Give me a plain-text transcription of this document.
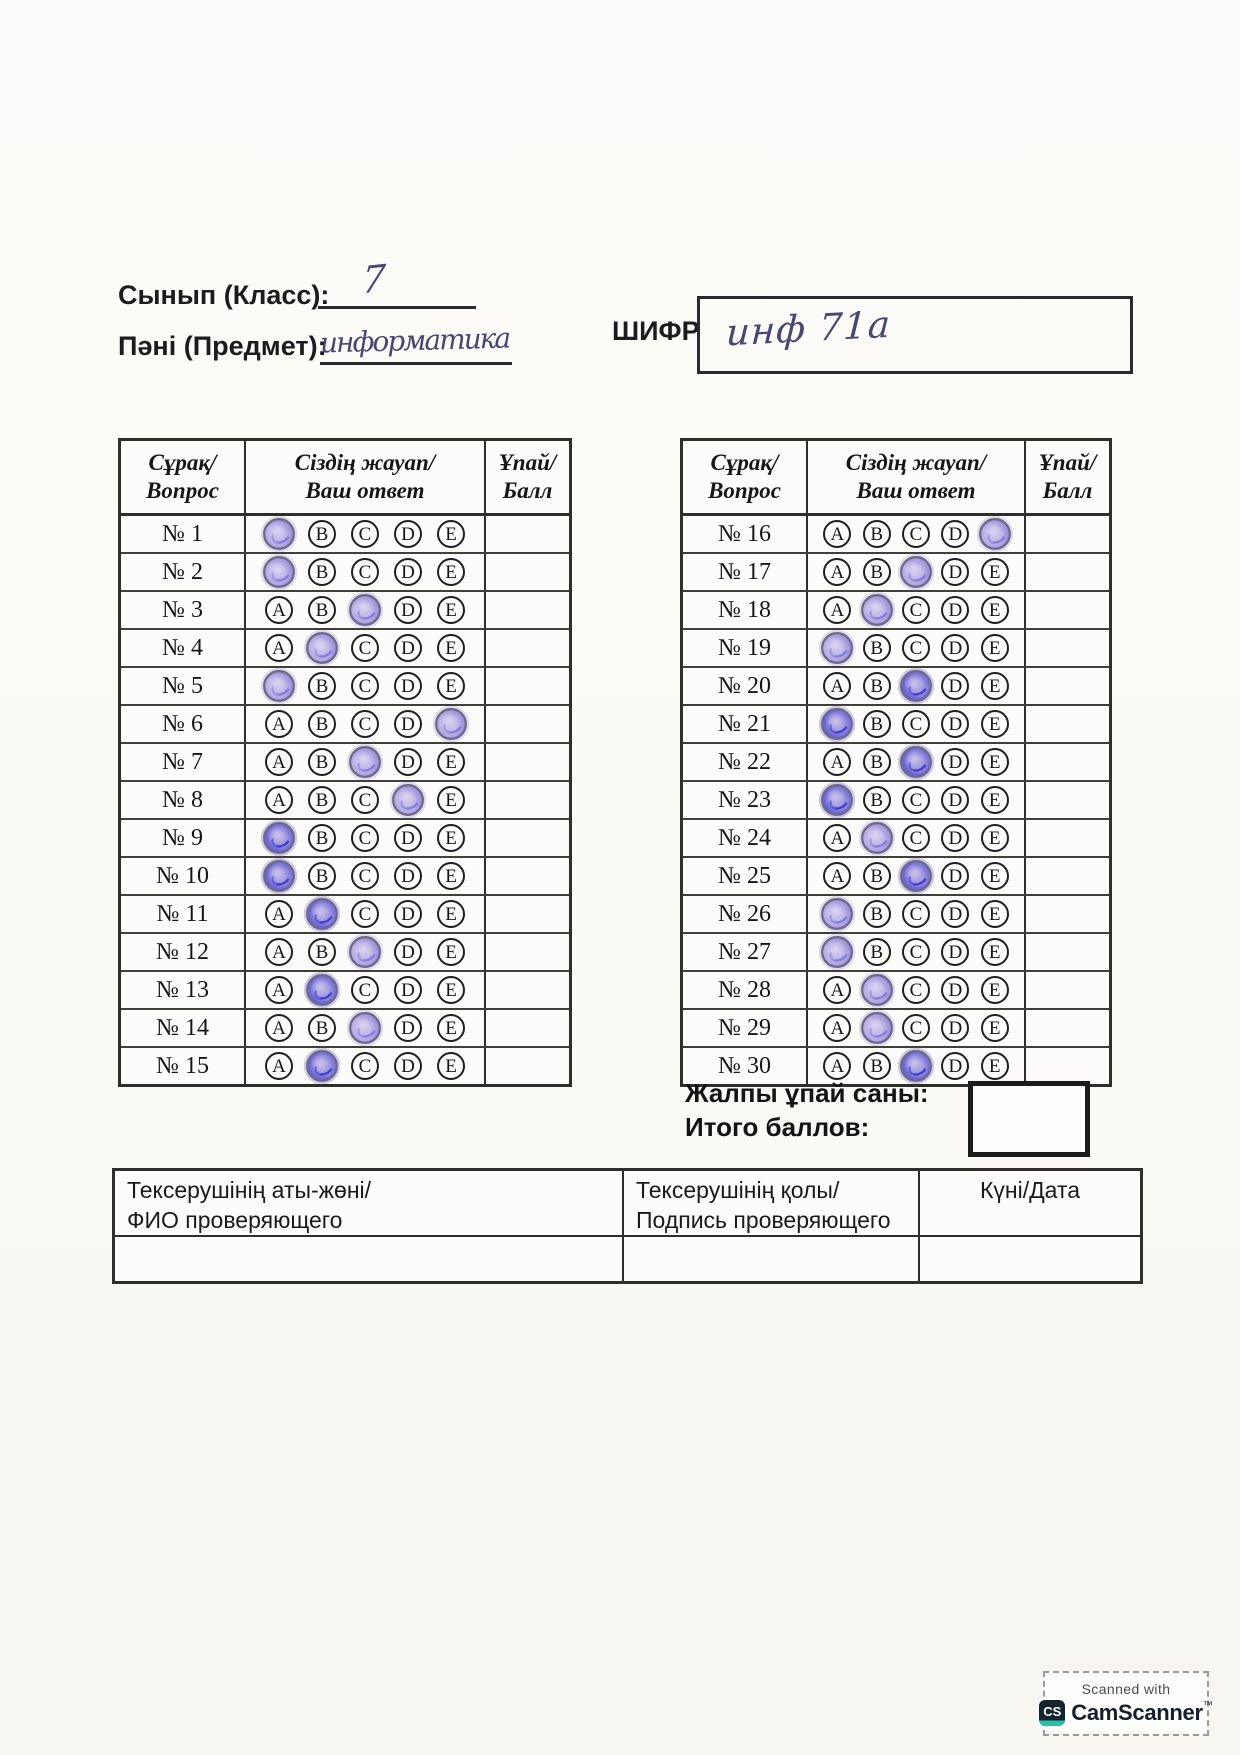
Сынып (Класс): 7
Пәні (Предмет):
информатика	ШИФР инф 71а
Сұрақ/
Вопрос
Сіздің жауап/
Ваш ответ
Ұпай/
Балл
№ 1	B	C	D	E
№ 2	B	C	D	E
№ 3	A	B	D	E
№ 4	A	C	D	E
№ 5	B	C	D	E
№ 6	A	B	C	D
№ 7	A	B	D	E
№ 8	A	B	C	E
№ 9	B	C	D	E
№ 10	B	C	D	E
№ 11	A	C	D	E
№ 12	A	B	D	E
№ 13	A	C	D	E
№ 14	A	B	D	E
№ 15	A	C	D	E
Сұрақ/
Вопрос
Сіздің жауап/
Ваш ответ
Ұпай/
Балл
№ 16	A	B	C	D
№ 17	A	B	D	E
№ 18	A	C	D	E
№ 19	B	C	D	E
№ 20	A	B	D	E
№ 21	B	C	D	E
№ 22	A	B	D	E
№ 23	B	C	D	E
№ 24	A	C	D	E
№ 25	A	B	D	E
№ 26	B	C	D	E
№ 27	B	C	D	E
№ 28	A	C	D	E
№ 29	A	C	D	E
№ 30	A	B	D	E
Жалпы ұпай саны:
Итого баллов:
Тексерушінің аты-жөні/
ФИО проверяющего
Тексерушінің қолы/
Подпись проверяющего
Күні/Дата
Scanned with
CS CamScanner™
